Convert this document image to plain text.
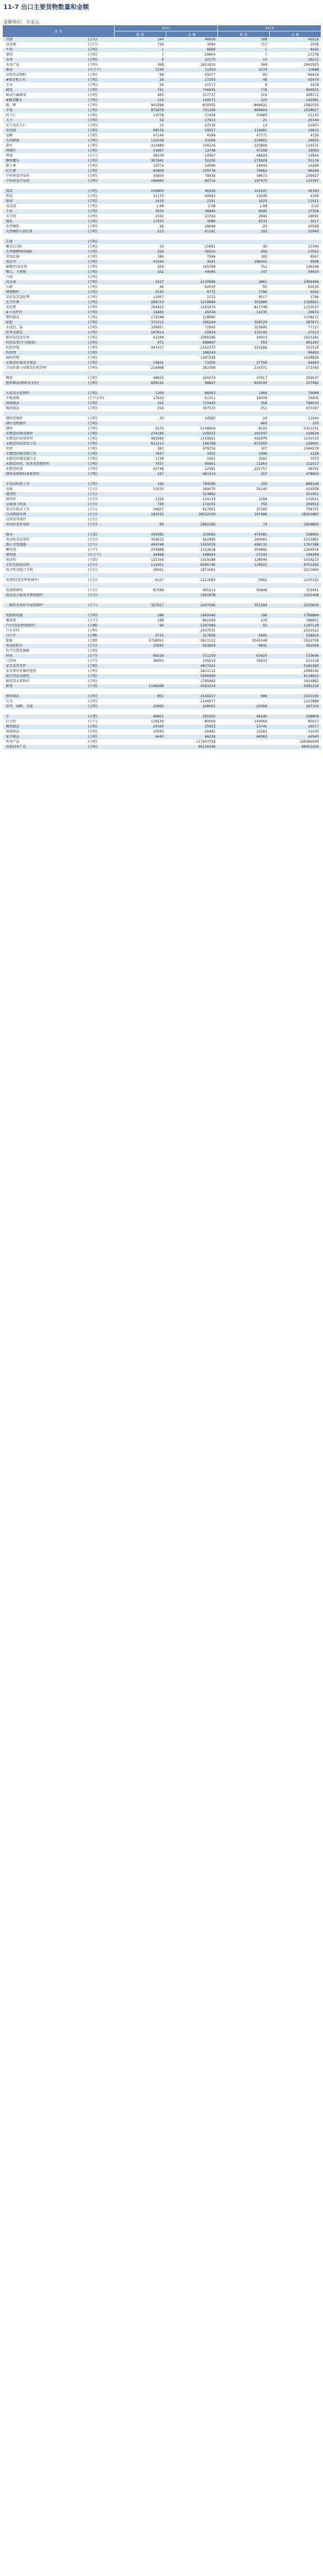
11-7 出口主要货物数量和金额
金额单位：万美元
品 名		2012		2013	
		数 量	金 额	数 量	金 额
活猪	(万头)	164	46056	168	45519
活家禽	(万只)	736	3094	717	2976
牛肉	(万吨)	1	8060	1	4432
猪肉	(万吨)	7	29604	7	27378
冻鸡	(万吨)	9	22175	10	26212
水海产品	(万吨)	368	1811810	384	1942923
鲜蛋	(百万个)	1230	11203	1074	10688
谷物及谷物粉	(万吨)	96	55077	95	66416
#稻谷和大米	(万吨)	28	27203	48	43474
玉米	(万吨)	26	10117	8	3319
蔬菜	(万吨)	741	756935	778	906551
鲜或冷藏蔬菜	(万吨)	485	317737	519	348711
#蔬菜罐头	(万吨)	123	140571	120	142681
橙、柳	(万吨)	942596	839302	866631	1082033
苹果	(万吨)	975878	701199	994664	1028927
柱子仁	(万吨)	11076	17459	10683	21232
大豆	(万吨)	32	27913	21	20744
花生及花生仁	(万吨)	15	27236	13	21907
食用油	(万吨)	99518	19557	116491	19915
食糖	(万吨)	47144	4349	47771	4720
天然蜂蜜	(万吨)	110158	21006	124901	24655
茶叶	(万吨)	313484	104226	325806	124531
烤烟叶	(万吨)	51867	13748	47168	16093
啤酒	(万升)	48109	14967	48624	14844
糖和罐头	(万吨)	307841	52200	275928	52176
维生素	(万吨)	22074	14099	24944	16289
抗生素	(万吨)	82809	109776	79462	96164
中药材及中成药	(万吨)	35850	78436	38673	109427
中药材及中成药	(万吨)	196660	84716	197475	115797

煤炭	(万吨)	100800	46326	101547	45783
焦炭	(万吨)	12172	44992	12049	4193
原油	(万吨)	2433	2191	1623	11911
成品油	(万吨)	1.99	2.68	1.68	2.52
生丝	(万吨)	7674	36845	6690	37358
山羊绒	(万吨)	2342	23354	2844	28091
棉花	(万吨)	17555	3680	6733	1617
天然橡胶	(万吨)	26	28646	25	26568
天然橡胶+氯化镁	(万吨)	213	61191	193	52943

乙烯	(万吨)				
聚乙(乙烯)	(万吨)	43	15691	45	13764
天然碳酸钠(纯碱)	(万吨)	256	36010	206	27952
氢氧化钠	(万吨)	186	7566	185	8567
氢化钙	(万吨)	43293	3541	186301	9508
碳酸钙/氯化镁	(万吨)	929	165788	751	106198
聚乙、卡素配	(万吨)	102	44065	147	54633
汽油	(万吨)				
成品油	(万吨)	2427	2130996	2861	2459496
石蜡	(万吨)	46	62630	50	63030
钾肥醋杆	(万吨)	2533	8772	2796	9262
氯化铵及氯化钾	(万吨)	11067	2112	9517	1796
化学纤维	(万吨)	269723	1219680	301889	1326921
氮化肥	(万吨)	764423	1193474	817749	1232037
#卡式炉药	(万吨)	14483	26034	14235	26672
塑料制品	(万吨)	173248	128960		1108217
轮胎	(万吨)	372012	296294	329729	287671
手提包、袋	(万吨)	336951	72900	325695	77127
松香及制品	(万吨)	167814	25834	133143	27213
鞋的布包及布类	(万吨)	41349	1086346	44003	1615281
纺织品类(不含服装)	(万吨)	471	668847	555	681287
纺织纱线	(万吨)	447417	2192373	523286	251516
纺织物	(万吨)		186543		96493
棉机织物	(万吨)		1307339		1508929
未锻造纤维及其制品	(万吨)	23841	71050	27758	94665
合成纤维与非精及纺机织物	(万吨)	218468	282398	214371	272343

陶瓷	(万吨)	48925	249374	47917	259547
塑料制品(原料及非衍)	(万吨)	609141	98847	629190	107482

水泥及水泥熟料	(万吨)	1200	88363	1464	79068
平板玻璃	(万平方米)	17632	61311	19006	76200
玻璃制品	(万吨)	342	733445	358	799035
陶瓷制品	(万吨)	256	367572	251	470197

钢材及钢丝	(万吨)	30	14585	26	11044
钢坯及粗锻件	(万吨)			465	375
钢材	(万吨)	5573	5148604	6233	5321251
未锻造的铜及铜材	(万吨)	274180	229432	293347	226639
未锻造的铝及铝材	(万吨)	482990	1143951	492879	1131015
未锻造的铝及铝合金	(万吨)	631212	146768	672260	129001
铝材	(万吨)	283	979716	307	1046579
未锻造的锡及锡合金	(万吨)	7937	1955	5396	1229
未锻造的镍及镍合金	(万吨)	1738	4361	3082	7033
未锻造的钼、钼条及钼制材料	(万吨)	7937	95901	11263	112517
未锻造的锑	(万吨)	42746	12391	222757	48792
钢铁或铜制标准紧固件	(万吨)	247	461214	257	478943

手用或机用工具	(万吨)	145	790590	150	868106
电扇	(万台)	53550	369070	56140	416559
缝纫机	(万台)		223892		251951
链传机	(万台)	1326	124133	1299	110551
金属加工机床	(万台)	745	274155	759	269553
电动手提式工具	(万台)	34827	617661	37185	704751
自动数据处理	(万台)	183315	18532103	167486	18291887
设备及其部件	(万台)				
电动机及发电机	(万台)	80	2962266	74	2809893

轴承	(万套)	439385	319582	474381	338995
电动机及发电机	(万台)	309632	922490	290065	1031862
静止式变流器	(万台)	404748	1555019	496132	1767388
蓄电池	(万个)	335888	1212618	354891	1306556
原电池	(百万个)	26468	188924	27243	196394
电话机	(万部)	122160	1019188	128040	1018213
手持无线电话机	(万台)	112951	8296746	126622	9751262
收音机及组合音响	(万台)	26091	1871061		2023694

电视机(包括整套散件)	(万台)	6157	1211063	5962	1105332

电视摄像机	(万台)	87584	465213	93846	722461
液晶显示板及其整套散件	(万台)		1991978		2161408

二极管及类似半导体器件	(万个)	327917	2437066	351584	2555876

电线和电缆	(万吨)	186	1660040	196	1789889
集装箱	(万个)	248	842294	270	788651
汽车(包括整套散件)	(万辆)	99	1297084	92	1187129
汽车零件	(万吨)		2437031		2531012
自行车	(万辆)	5715	317628	5695	318920
船舶	(万艘)	2758091	3611112	3045148	2502758
电动轮机车	(万台)	10093	643604	6841	492009
医疗仪器及器械	(万吨)				
钟表	(万只)	66216	551259	63420	533646
日用钟	(万只)	36993	109214	36633	122158
家具及其零件	(万吨)		4877422		5182283
家具类印花编织地毯	(万吨)		1811112		2099192
旅行用品及箱包	(万吨)		5506994		6118922
服装及衣着附件	(万吨)		1795462		1914862
鞋类	(万双)	1199268	4593234		5081226

塑料制品	(万吨)	851	3156517	996	3325190
玩具	(万吨)		1144977		1227888
铝型、窗框、手提	(万吨)	20992	248001	20366	267104

伞	(万把)	46661	255550	46240	268809
打火机	(万个)	139530	80009	140960	85017
陶瓷制品	(万吨)	24160	25433	25741	26577
玻璃制品	(万吨)	10083	28485	10183	31030
家具制品	(万吨)	6443	46226	64063	42943
机电产品	(万吨)		117943758		126466099
高新技术产品	(万吨)		60116346		66001059
